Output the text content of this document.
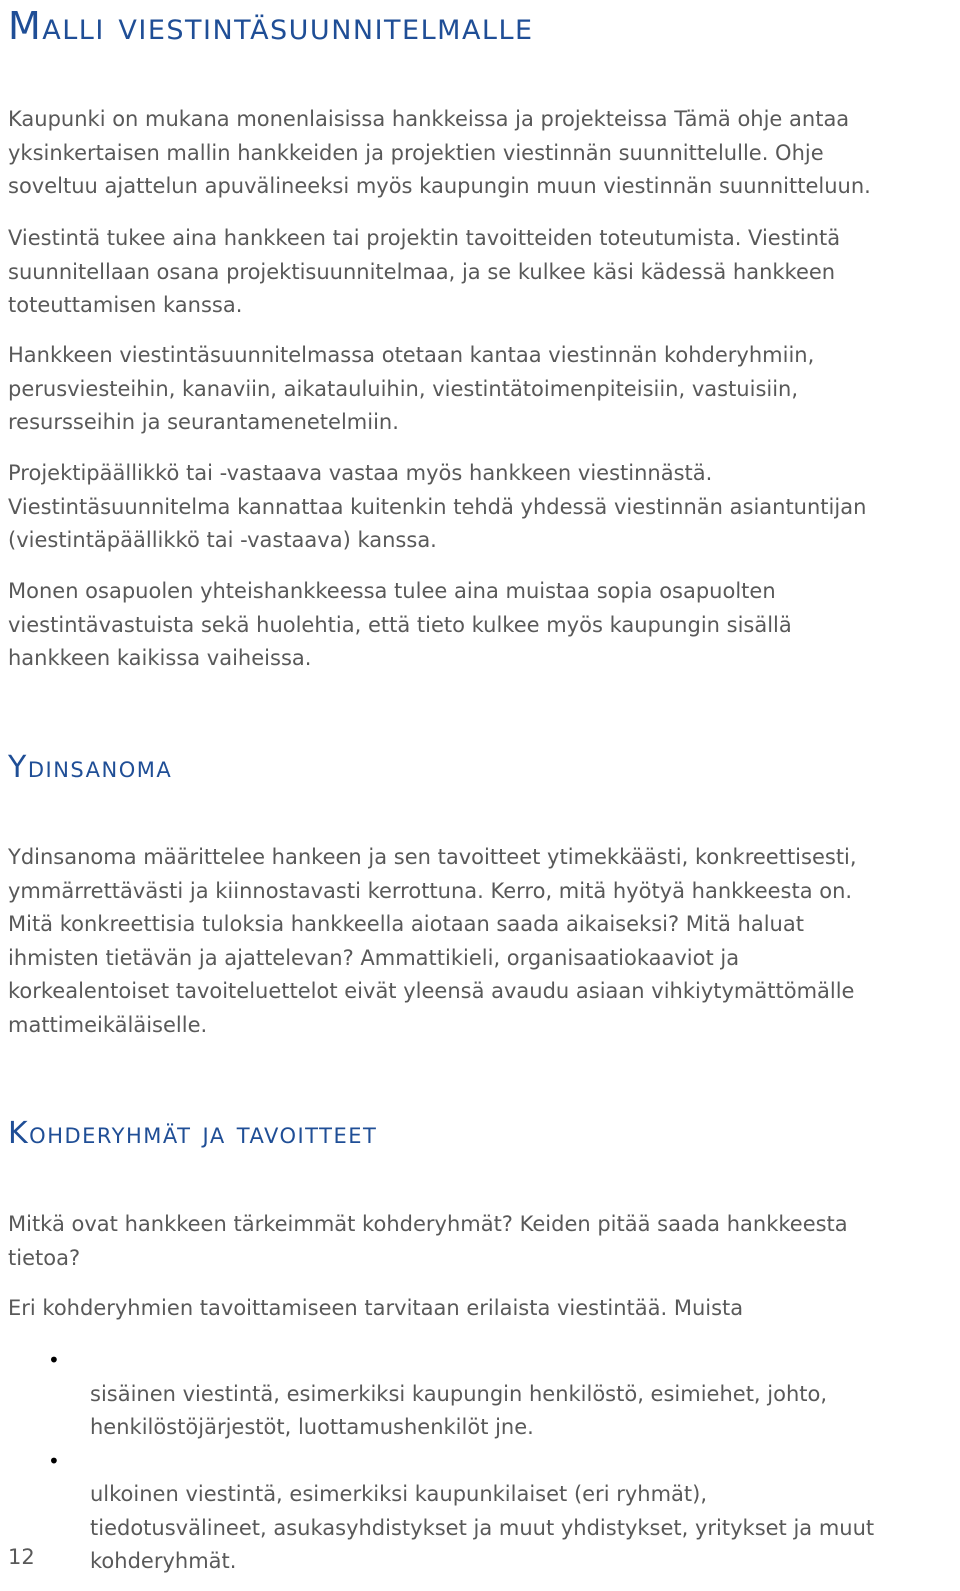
Malli viestintäsuunnitelmalle

Kaupunki on mukana monenlaisissa hankkeissa ja projekteissa Tämä ohje antaa
yksinkertaisen mallin hankkeiden ja projektien viestinnän suunnittelulle. Ohje
soveltuu ajattelun apuvälineeksi myös kaupungin muun viestinnän suunnitteluun.

Viestintä tukee aina hankkeen tai projektin tavoitteiden toteutumista. Viestintä
suunnitellaan osana projektisuunnitelmaa, ja se kulkee käsi kädessä hankkeen
toteuttamisen kanssa.

Hankkeen viestintäsuunnitelmassa otetaan kantaa viestinnän kohderyhmiin,
perusviesteihin, kanaviin, aikatauluihin, viestintätoimenpiteisiin, vastuisiin,
resursseihin ja seurantamenetelmiin.

Projektipäällikkö tai -vastaava vastaa myös hankkeen viestinnästä.
Viestintäsuunnitelma kannattaa kuitenkin tehdä yhdessä viestinnän asiantuntijan
(viestintäpäällikkö tai -vastaava) kanssa.

Monen osapuolen yhteishankkeessa tulee aina muistaa sopia osapuolten
viestintävastuista sekä huolehtia, että tieto kulkee myös kaupungin sisällä
hankkeen kaikissa vaiheissa.

Ydinsanoma

Ydinsanoma määrittelee hankeen ja sen tavoitteet ytimekkäästi, konkreettisesti,
ymmärrettävästi ja kiinnostavasti kerrottuna. Kerro, mitä hyötyä hankkeesta on.
Mitä konkreettisia tuloksia hankkeella aiotaan saada aikaiseksi? Mitä haluat
ihmisten tietävän ja ajattelevan? Ammattikieli, organisaatiokaaviot ja
korkealentoiset tavoiteluettelot eivät yleensä avaudu asiaan vihkiytymättömälle
mattimeikäläiselle.

Kohderyhmät ja tavoitteet

Mitkä ovat hankkeen tärkeimmät kohderyhmät? Keiden pitää saada hankkeesta
tietoa?

Eri kohderyhmien tavoittamiseen tarvitaan erilaista viestintää. Muista

•
sisäinen viestintä, esimerkiksi kaupungin henkilöstö, esimiehet, johto,
henkilöstöjärjestöt, luottamushenkilöt jne.

•
ulkoinen viestintä, esimerkiksi kaupunkilaiset (eri ryhmät),
tiedotusvälineet, asukasyhdistykset ja muut yhdistykset, yritykset ja muut
kohderyhmät.

12
